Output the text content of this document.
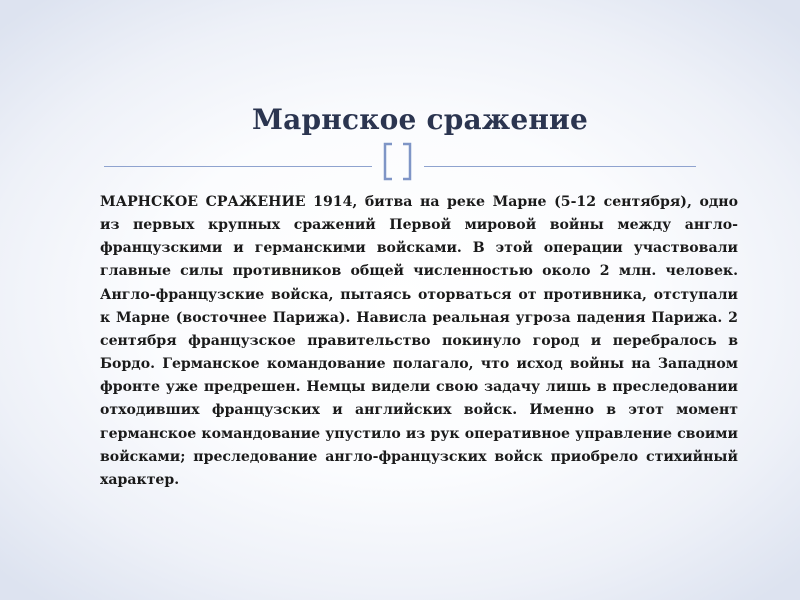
Марнское сражение

МАРНСКОЕ СРАЖЕНИЕ 1914, битва на реке Марне (5-12 сентября), одно из первых крупных сражений Первой мировой войны между англо-французскими и германскими войсками. В этой операции участвовали главные силы противников общей численностью около 2 млн. человек. Англо-французские войска, пытаясь оторваться от противника, отступали к Марне (восточнее Парижа). Нависла реальная угроза падения Парижа. 2 сентября французское правительство покинуло город и перебралось в Бордо. Германское командование полагало, что исход войны на Западном фронте уже предрешен. Немцы видели свою задачу лишь в преследовании отходивших французских и английских войск. Именно в этот момент германское командование упустило из рук оперативное управление своими войсками; преследование англо-французских войск приобрело стихийный характер.
